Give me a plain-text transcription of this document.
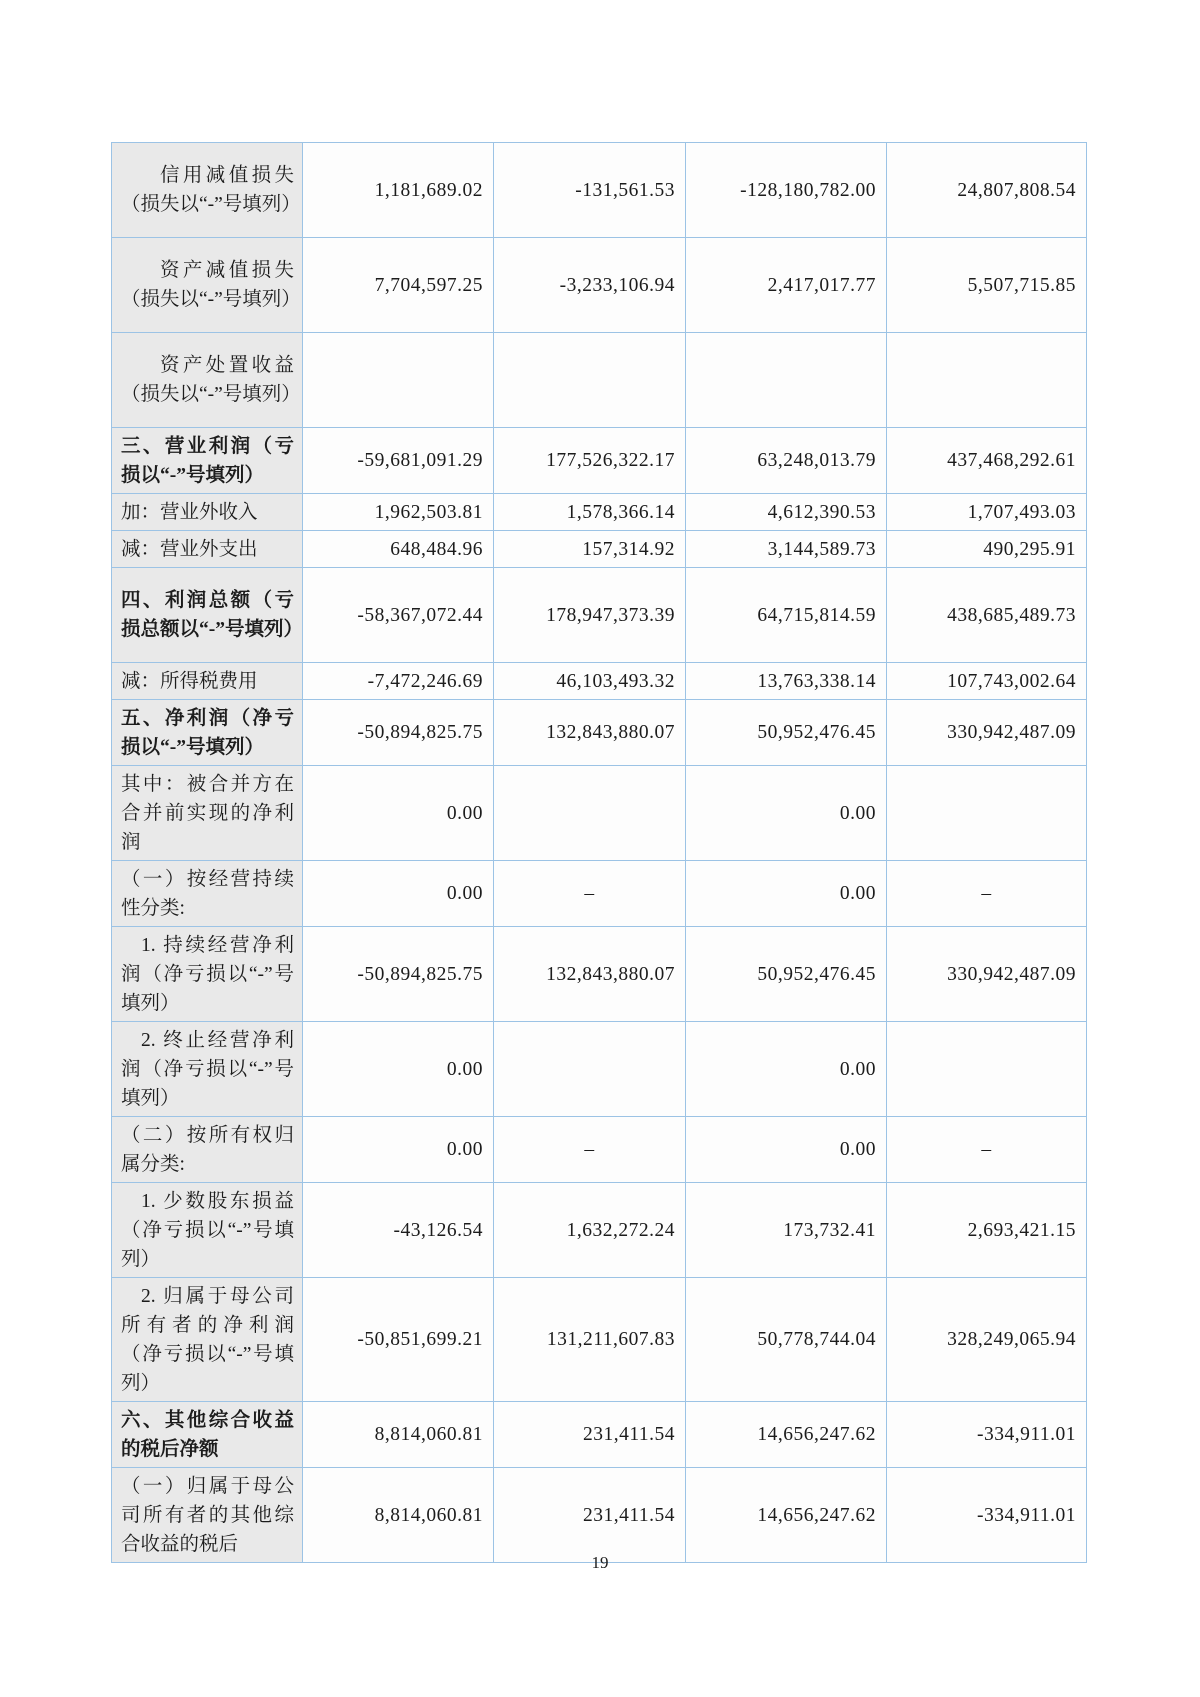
信用减值损失（损失以“-”号填列）	1,181,689.02	-131,561.53	-128,180,782.00	24,807,808.54
资产减值损失（损失以“-”号填列）	7,704,597.25	-3,233,106.94	2,417,017.77	5,507,715.85
资产处置收益（损失以“-”号填列）				
三、营业利润（亏损以“-”号填列）	-59,681,091.29	177,526,322.17	63,248,013.79	437,468,292.61
加：营业外收入	1,962,503.81	1,578,366.14	4,612,390.53	1,707,493.03
减：营业外支出	648,484.96	157,314.92	3,144,589.73	490,295.91
四、利润总额（亏损总额以“-”号填列）	-58,367,072.44	178,947,373.39	64,715,814.59	438,685,489.73
减：所得税费用	-7,472,246.69	46,103,493.32	13,763,338.14	107,743,002.64
五、净利润（净亏损以“-”号填列）	-50,894,825.75	132,843,880.07	50,952,476.45	330,942,487.09
其中：被合并方在合并前实现的净利润	0.00		0.00	
（一）按经营持续性分类:	0.00	–	0.00	–
1. 持续经营净利润（净亏损以“-”号填列）	-50,894,825.75	132,843,880.07	50,952,476.45	330,942,487.09
2. 终止经营净利润（净亏损以“-”号填列）	0.00		0.00	
（二）按所有权归属分类:	0.00	–	0.00	–
1. 少数股东损益（净亏损以“-”号填列）	-43,126.54	1,632,272.24	173,732.41	2,693,421.15
2. 归属于母公司所有者的净利润（净亏损以“-”号填列）	-50,851,699.21	131,211,607.83	50,778,744.04	328,249,065.94
六、其他综合收益的税后净额	8,814,060.81	231,411.54	14,656,247.62	-334,911.01
（一）归属于母公司所有者的其他综合收益的税后	8,814,060.81	231,411.54	14,656,247.62	-334,911.01
19
